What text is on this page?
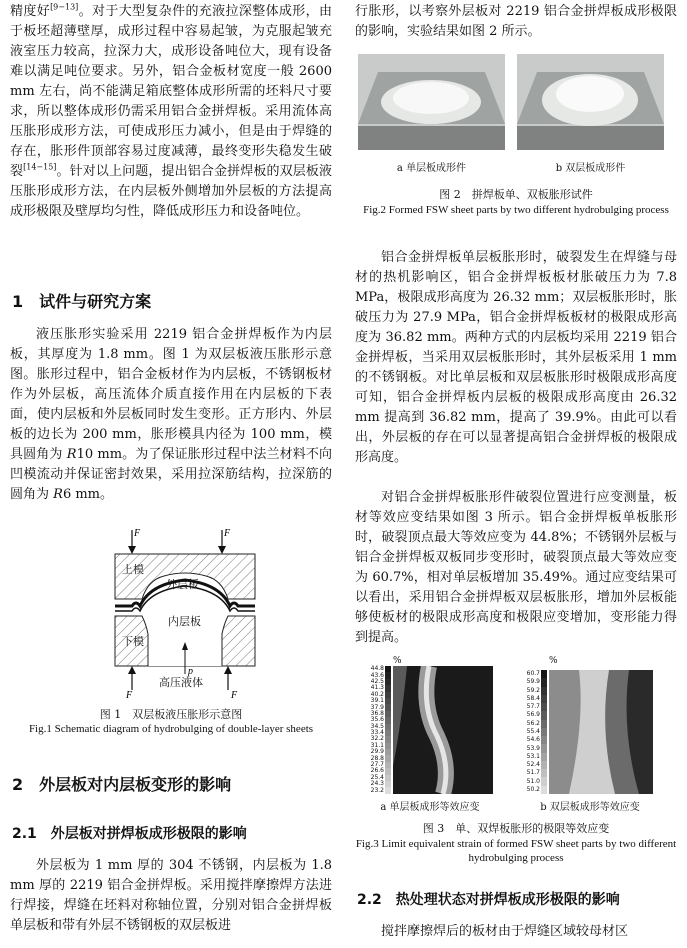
精度好[9−13]。对于大型复杂件的充液拉深整体成形，由于板坯超薄壁厚，成形过程中容易起皱，为克服起皱充液室压力较高，拉深力大，成形设备吨位大，现有设备难以满足吨位要求。另外，铝合金板材宽度一般 2600 mm 左右，尚不能满足箱底整体成形所需的坯料尺寸要求，所以整体成形仍需采用铝合金拼焊板。采用流体高压胀形成形方法，可使成形压力减小，但是由于焊缝的存在，胀形件顶部容易过度减薄，最终变形失稳发生破裂[14−15]。针对以上问题，提出铝合金拼焊板的双层板液压胀形成形方法，在内层板外侧增加外层板的方法提高成形极限及壁厚均匀性，降低成形压力和设备吨位。

1　试件与研究方案

液压胀形实验采用 2219 铝合金拼焊板作为内层板，其厚度为 1.8 mm。图 1 为双层板液压胀形示意图。胀形过程中，铝合金板材作为内层板，不锈钢板材作为外层板，高压流体介质直接作用在内层板的下表面，使内层板和外层板同时发生变形。正方形内、外层板的边长为 200 mm，胀形模具内径为 100 mm，模具圆角为 R10 mm。为了保证胀形过程中法兰材料不向凹模流动并保证密封效果，采用拉深筋结构，拉深筋的圆角为 R6 mm。

F	F
F	F
p
上模
外层板
内层板
下模
高压液体

图 1　双层板液压胀形示意图

Fig.1 Schematic diagram of hydrobulging of double-layer sheets

2　外层板对内层板变形的影响
2.1　外层板对拼焊板成形极限的影响

外层板为 1 mm 厚的 304 不锈钢，内层板为 1.8 mm 厚的 2219 铝合金拼焊板。采用搅拌摩擦焊方法进行焊接，焊缝在坯料对称轴位置，分别对铝合金拼焊板单层板和带有外层不锈钢板的双层板进

行胀形，以考察外层板对 2219 铝合金拼焊板成形极限的影响，实验结果如图 2 所示。

a 单层板成形件	b 双层板成形件

图 2　拼焊板单、双板胀形试件

Fig.2 Formed FSW sheet parts by two different hydrobulging process

铝合金拼焊板单层板胀形时，破裂发生在焊缝与母材的热机影响区，铝合金拼焊板板材胀破压力为 7.8 MPa，极限成形高度为 26.32 mm；双层板胀形时，胀破压力为 27.9 MPa，铝合金拼焊板板材的极限成形高度为 36.82 mm。两种方式的内层板均采用 2219 铝合金拼焊板，当采用双层板胀形时，其外层板采用 1 mm 的不锈钢板。对比单层板和双层板胀形时极限成形高度可知，铝合金拼焊板内层板的极限成形高度由 26.32 mm 提高到 36.82 mm，提高了 39.9%。由此可以看出，外层板的存在可以显著提高铝合金拼焊板的极限成形高度。

对铝合金拼焊板胀形件破裂位置进行应变测量，板材等效应变结果如图 3 所示。铝合金拼焊板单板胀形时，破裂顶点最大等效应变为 44.8%；不锈钢外层板与铝合金拼焊板双板同步变形时，破裂顶点最大等效应变为 60.7%，相对单层板增加 35.49%。通过应变结果可以看出，采用铝合金拼焊板双层板胀形，增加外层板能够使板材的极限成形高度和极限应变增加，变形能力得到提高。

%
44.8
43.6
42.5
41.3
40.2
39.1
37.9
36.8
35.6
34.5
33.4
32.2
31.1
29.9
28.8
27.7
26.6
25.4
24.3
23.2
%
60.7
59.9
59.2
58.4
57.7
56.9
56.2
55.4
54.6
53.9
53.1
52.4
51.7
51.0
50.2
a 单层板成形等效应变	b 双层板成形等效应变

图 3　单、双焊板胀形的极限等效应变

Fig.3 Limit equivalent strain of formed FSW sheet parts by two different hydrobulging process

2.2　热处理状态对拼焊板成形极限的影响

搅拌摩擦焊后的板材由于焊缝区域较母材区
